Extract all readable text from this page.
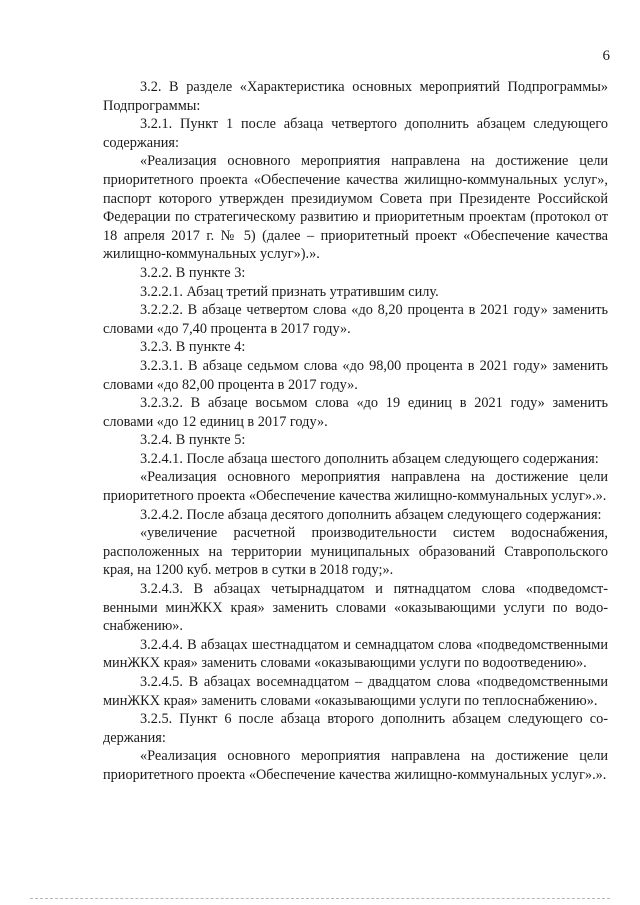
6

3.2. В разделе «Характеристика основных мероприятий Подпрограммы» Подпрограммы:

3.2.1. Пункт 1 после абзаца четвертого дополнить абзацем следующего содержания:

«Реализация основного мероприятия направлена на достижение цели приоритетного проекта «Обеспечение качества жилищно-коммунальных услуг», паспорт которого утвержден президиумом Совета при Президенте Российской Федерации по стратегическому развитию и приоритетным проектам (протокол от 18 апреля 2017 г. № 5) (далее – приоритетный проект «Обеспечение качества жилищно-коммунальных услуг»).».

3.2.2. В пункте 3:

3.2.2.1. Абзац третий признать утратившим силу.

3.2.2.2. В абзаце четвертом слова «до 8,20 процента в 2021 году» заменить словами «до 7,40 процента в 2017 году».

3.2.3. В пункте 4:

3.2.3.1. В абзаце седьмом слова «до 98,00 процента в 2021 году» заменить словами «до 82,00 процента в 2017 году».

3.2.3.2. В абзаце восьмом слова «до 19 единиц в 2021 году» заменить словами «до 12 единиц в 2017 году».

3.2.4. В пункте 5:

3.2.4.1. После абзаца шестого дополнить абзацем следующего содержания:

«Реализация основного мероприятия направлена на достижение цели приоритетного проекта «Обеспечение качества жилищно-коммунальных услуг».».

3.2.4.2. После абзаца десятого дополнить абзацем следующего содержания:

«увеличение расчетной производительности систем водоснабжения, расположенных на территории муниципальных образований Ставропольского края, на 1200 куб. метров в сутки в 2018 году;».

3.2.4.3. В абзацах четырнадцатом и пятнадцатом слова «подведомственными минЖКХ края» заменить словами «оказывающими услуги по водоснабжению».

3.2.4.4. В абзацах шестнадцатом и семнадцатом слова «подведомственными минЖКХ края» заменить словами «оказывающими услуги по водоотведению».

3.2.4.5. В абзацах восемнадцатом – двадцатом слова «подведомственными минЖКХ края» заменить словами «оказывающими услуги по теплоснабжению».

3.2.5. Пункт 6 после абзаца второго дополнить абзацем следующего содержания:

«Реализация основного мероприятия направлена на достижение цели приоритетного проекта «Обеспечение качества жилищно-коммунальных услуг».».
